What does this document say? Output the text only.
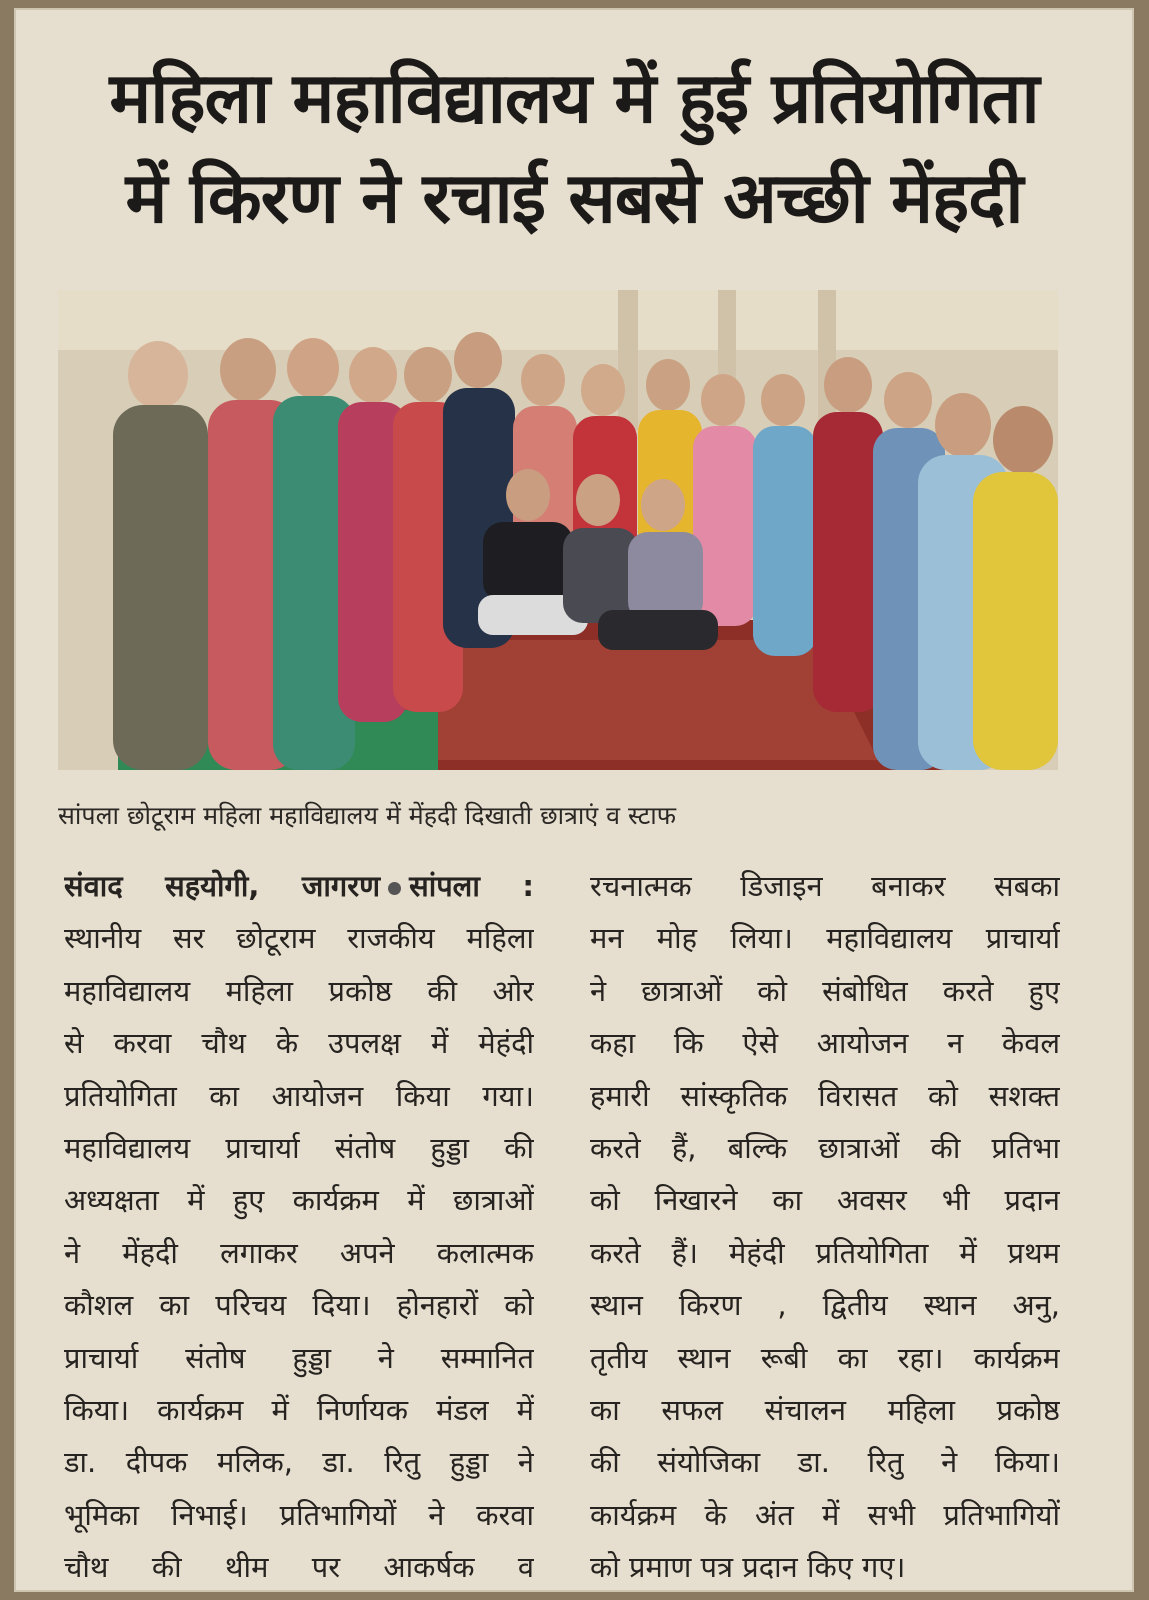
महिला महाविद्यालय में हुई प्रतियोगिता
में किरण ने रचाई सबसे अच्छी मेंहदी

सांपला छोटूराम महिला महाविद्यालय में मेंहदी दिखाती छात्राएं व स्टाफ

संवाद सहयोगी, जागरण सांपला :
स्थानीय सर छोटूराम राजकीय महिला
महाविद्यालय महिला प्रकोष्ठ की ओर
से करवा चौथ के उपलक्ष में मेहंदी
प्रतियोगिता का आयोजन किया गया।
महाविद्यालय प्राचार्या संतोष हुड्डा की
अध्यक्षता में हुए कार्यक्रम में छात्राओं
ने मेंहदी लगाकर अपने कलात्मक
कौशल का परिचय दिया। होनहारों को
प्राचार्या संतोष हुड्डा ने सम्मानित
किया। कार्यक्रम में निर्णायक मंडल में
डा. दीपक मलिक, डा. रितु हुड्डा ने
भूमिका निभाई। प्रतिभागियों ने करवा
चौथ की थीम पर आकर्षक व
रचनात्मक डिजाइन बनाकर सबका
मन मोह लिया। महाविद्यालय प्राचार्या
ने छात्राओं को संबोधित करते हुए
कहा कि ऐसे आयोजन न केवल
हमारी सांस्कृतिक विरासत को सशक्त
करते हैं, बल्कि छात्राओं की प्रतिभा
को निखारने का अवसर भी प्रदान
करते हैं। मेहंदी प्रतियोगिता में प्रथम
स्थान किरण , द्वितीय स्थान अनु,
तृतीय स्थान रूबी का रहा। कार्यक्रम
का सफल संचालन महिला प्रकोष्ठ
की संयोजिका डा. रितु ने किया।
कार्यक्रम के अंत में सभी प्रतिभागियों
को प्रमाण पत्र प्रदान किए गए।
